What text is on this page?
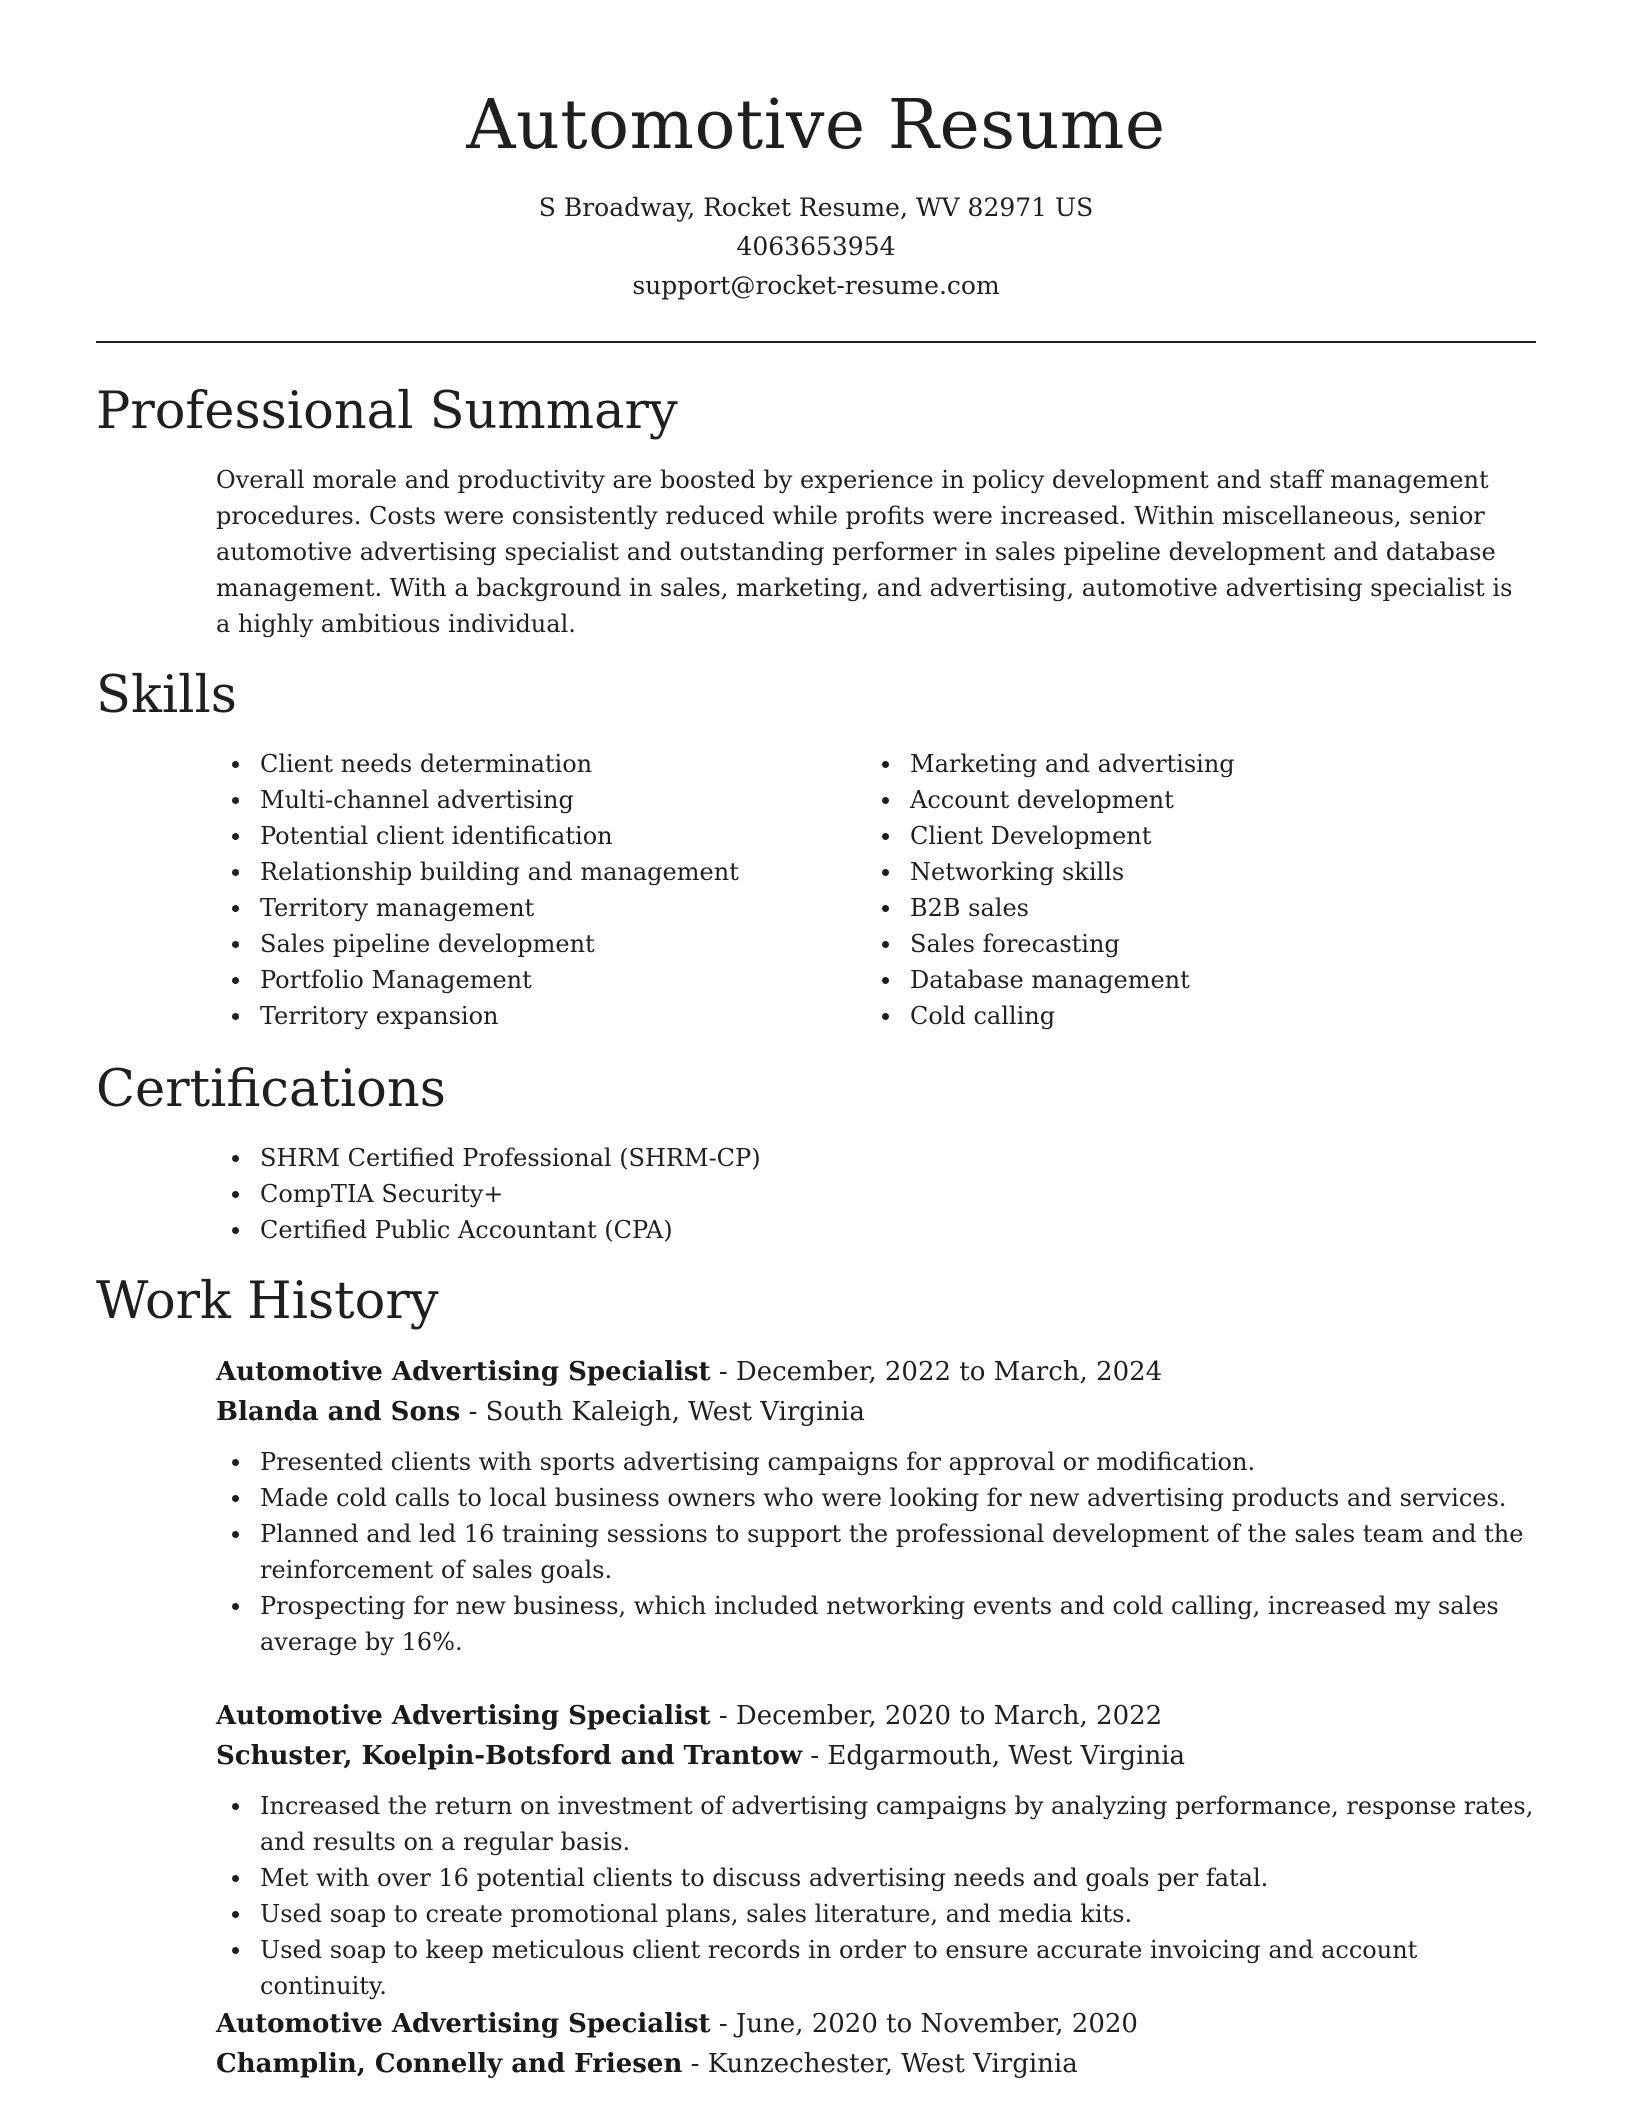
Automotive Resume

S Broadway, Rocket Resume, WV 82971 US

4063653954

support@rocket-resume.com

Professional Summary

Overall morale and productivity are boosted by experience in policy development and staff management procedures. Costs were consistently reduced while profits were increased. Within miscellaneous, senior automotive advertising specialist and outstanding performer in sales pipeline development and database management. With a background in sales, marketing, and advertising, automotive advertising specialist is a highly ambitious individual.

Skills
Client needs determination
Multi-channel advertising
Potential client identification
Relationship building and management
Territory management
Sales pipeline development
Portfolio Management
Territory expansion
Marketing and advertising
Account development
Client Development
Networking skills
B2B sales
Sales forecasting
Database management
Cold calling
Certifications
SHRM Certified Professional (SHRM-CP)
CompTIA Security+
Certified Public Accountant (CPA)
Work History

Automotive Advertising Specialist - December, 2022 to March, 2024

Blanda and Sons - South Kaleigh, West Virginia

Presented clients with sports advertising campaigns for approval or modification.
Made cold calls to local business owners who were looking for new advertising products and services.
Planned and led 16 training sessions to support the professional development of the sales team and the reinforcement of sales goals.
Prospecting for new business, which included networking events and cold calling, increased my sales average by 16%.

Automotive Advertising Specialist - December, 2020 to March, 2022

Schuster, Koelpin-Botsford and Trantow - Edgarmouth, West Virginia

Increased the return on investment of advertising campaigns by analyzing performance, response rates, and results on a regular basis.
Met with over 16 potential clients to discuss advertising needs and goals per fatal.
Used soap to create promotional plans, sales literature, and media kits.
Used soap to keep meticulous client records in order to ensure accurate invoicing and account continuity.

Automotive Advertising Specialist - June, 2020 to November, 2020

Champlin, Connelly and Friesen - Kunzechester, West Virginia
